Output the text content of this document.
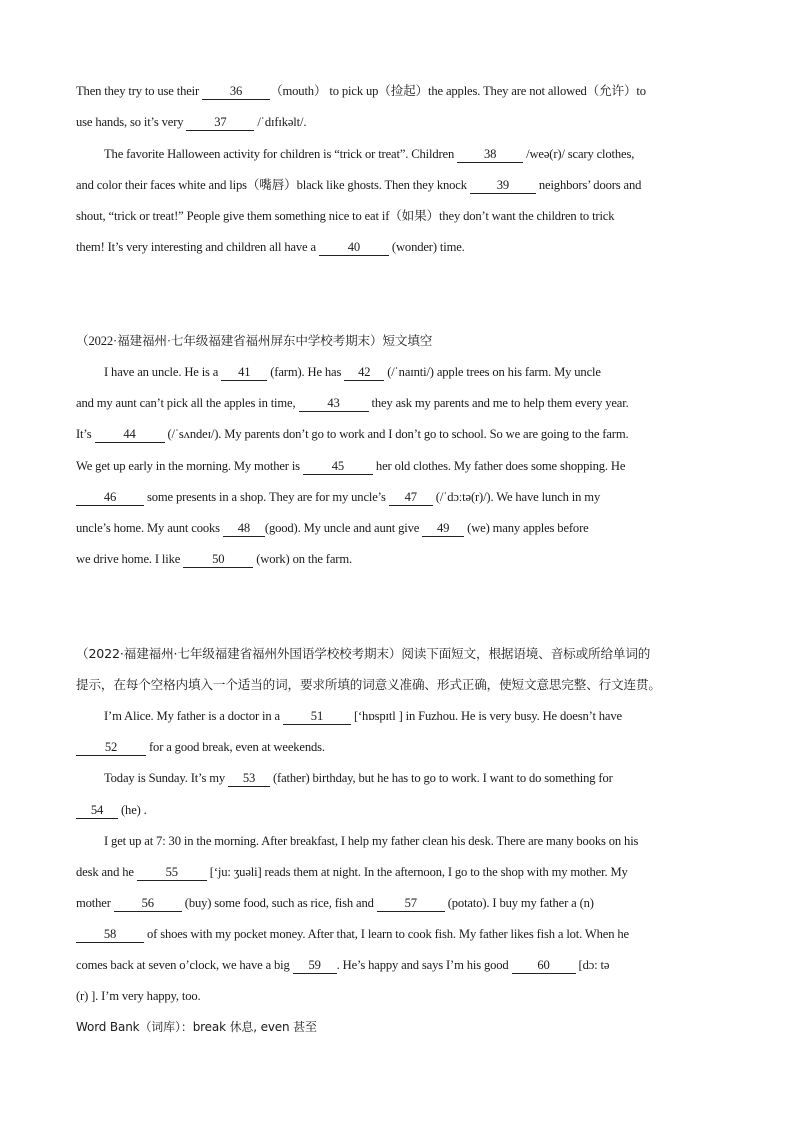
Then they try to use their 36 （mouth） to pick up（捡起）the apples. They are not allowed（允许）to
use hands, so it’s very 37 /ˈdɪfɪkəlt/.
The favorite Halloween activity for children is “trick or treat”. Children 38 /weə(r)/ scary clothes,
and color their faces white and lips（嘴唇）black like ghosts. Then they knock 39 neighbors’ doors and
shout, “trick or treat!” People give them something nice to eat if（如果）they don’t want the children to trick
them! It’s very interesting and children all have a 40 (wonder) time.
（2022·福建福州·七年级福建省福州屏东中学校考期末）短文填空
I have an uncle. He is a 41 (farm). He has 42 (/ˈnaɪnti/) apple trees on his farm. My uncle
and my aunt can’t pick all the apples in time, 43 they ask my parents and me to help them every year.
It’s 44 (/ˈsʌndeɪ/). My parents don’t go to work and I don’t go to school. So we are going to the farm.
We get up early in the morning. My mother is 45 her old clothes. My father does some shopping. He
46 some presents in a shop. They are for my uncle’s 47 (/ˈdɔːtə(r)/). We have lunch in my
uncle’s home. My aunt cooks 48 (good). My uncle and aunt give 49 (we) many apples before
we drive home. I like 50 (work) on the farm.
（2022·福建福州·七年级福建省福州外国语学校校考期末）阅读下面短文，根据语境、音标或所给单词的
提示，在每个空格内填入一个适当的词，要求所填的词意义准确、形式正确，使短文意思完整、行文连贯。
I’m Alice. My father is a doctor in a 51 [‘hɒspɪtl ] in Fuzhou. He is very busy. He doesn’t have
52 for a good break, even at weekends.
Today is Sunday. It’s my 53 (father) birthday, but he has to go to work. I want to do something for
54 (he) .
I get up at 7: 30 in the morning. After breakfast, I help my father clean his desk. There are many books on his
desk and he 55 [‘ju: ʒuəli] reads them at night. In the afternoon, I go to the shop with my mother. My
mother 56 (buy) some food, such as rice, fish and 57 (potato). I buy my father a (n)
58 of shoes with my pocket money. After that, I learn to cook fish. My father likes fish a lot. When he
comes back at seven o’clock, we have a big 59 . He’s happy and says I’m his good 60 [dɔ: tə
(r) ]. I’m very happy, too.
Word Bank（词库）：break 休息, even 甚至
